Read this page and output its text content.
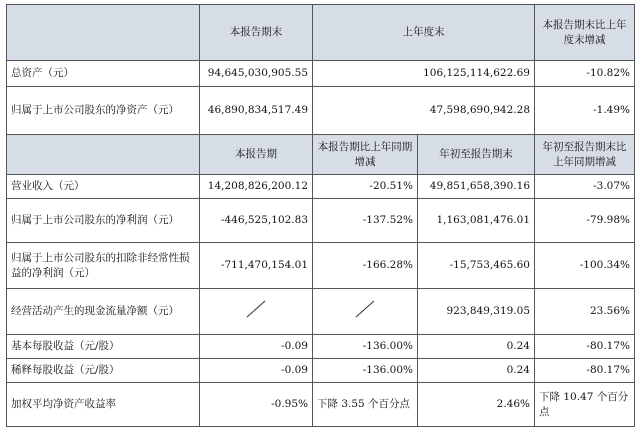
	本报告期末	上年度末		本报告期末比上年度末增减
总资产（元）	94,645,030,905.55	106,125,114,622.69		-10.82%
归属于上市公司股东的净资产（元）	46,890,834,517.49	47,598,690,942.28		-1.49%
	本报告期	本报告期比上年同期增减	年初至报告期末	年初至报告期末比上年同期增减
营业收入（元）	14,208,826,200.12	-20.51%	49,851,658,390.16	-3.07%
归属于上市公司股东的净利润（元）	-446,525,102.83	-137.52%	1,163,081,476.01	-79.98%
归属于上市公司股东的扣除非经常性损益的净利润（元）	-711,470,154.01	-166.28%	-15,753,465.60	-100.34%
经营活动产生的现金流量净额（元）			923,849,319.05	23.56%
基本每股收益（元/股）	-0.09	-136.00%	0.24	-80.17%
稀释每股收益（元/股）	-0.09	-136.00%	0.24	-80.17%
加权平均净资产收益率	-0.95%	下降 3.55 个百分点	2.46%	下降 10.47 个百分点
